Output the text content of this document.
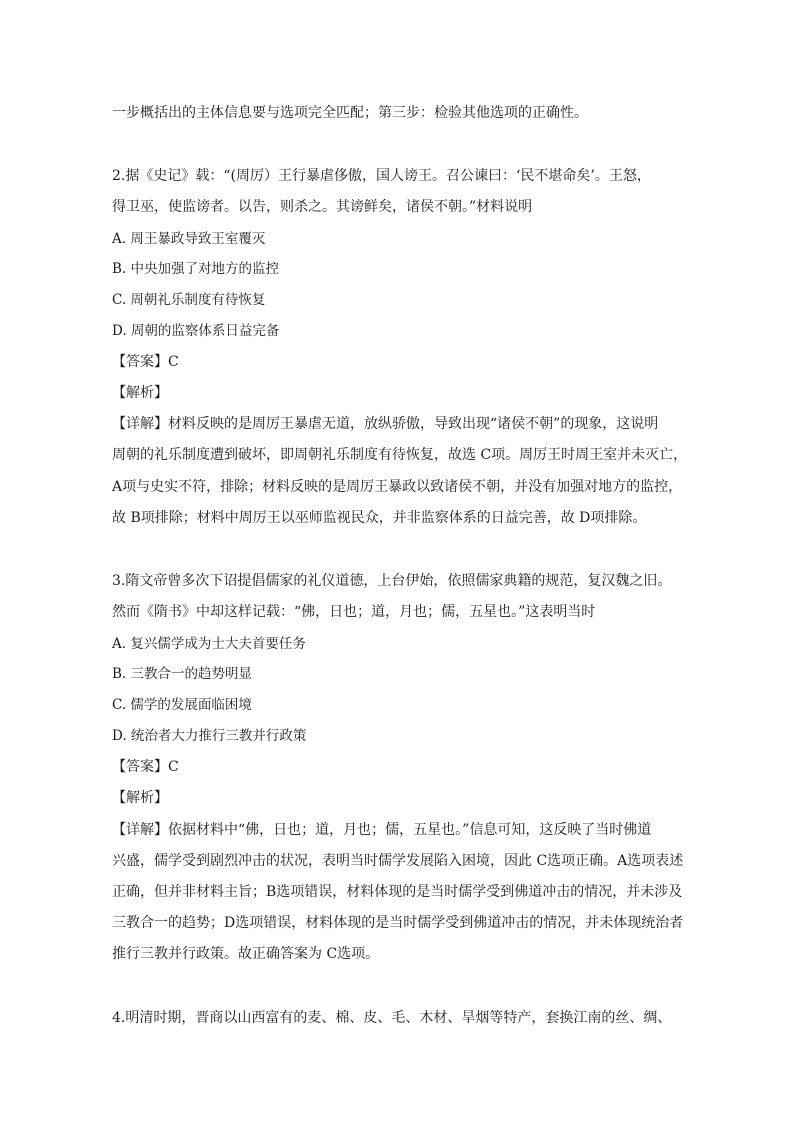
一步概括出的主体信息要与选项完全匹配；第三步：检验其他选项的正确性。
2.据《史记》载：“(周厉）王行暴虐侈傲，国人谤王。召公谏曰：‘民不堪命矣’。王怒，
得卫巫，使监谤者。以告，则杀之。其谤鲜矣，诸侯不朝。”材料说明
A. 周王暴政导致王室覆灭
B. 中央加强了对地方的监控
C. 周朝礼乐制度有待恢复
D. 周朝的监察体系日益完备
【答案】C
【解析】
【详解】材料反映的是周厉王暴虐无道，放纵骄傲，导致出现“诸侯不朝”的现象，这说明
周朝的礼乐制度遭到破坏，即周朝礼乐制度有待恢复，故选 C项。周厉王时周王室并未灭亡，
A项与史实不符，排除；材料反映的是周厉王暴政以致诸侯不朝，并没有加强对地方的监控，
故 B项排除；材料中周厉王以巫师监视民众，并非监察体系的日益完善，故 D项排除。
3.隋文帝曾多次下诏提倡儒家的礼仪道德，上台伊始，依照儒家典籍的规范，复汉魏之旧。
然而《隋书》中却这样记载：“佛，日也；道，月也；儒，五星也。”这表明当时
A. 复兴儒学成为士大夫首要任务
B. 三教合一的趋势明显
C. 儒学的发展面临困境
D. 统治者大力推行三教并行政策
【答案】C
【解析】
【详解】依据材料中“佛，日也；道，月也；儒，五星也。”信息可知，这反映了当时佛道
兴盛，儒学受到剧烈冲击的状况，表明当时儒学发展陷入困境，因此 C选项正确。A选项表述
正确，但并非材料主旨；B选项错误，材料体现的是当时儒学受到佛道冲击的情况，并未涉及
三教合一的趋势；D选项错误，材料体现的是当时儒学受到佛道冲击的情况，并未体现统治者
推行三教并行政策。故正确答案为 C选项。
4.明清时期，晋商以山西富有的麦、棉、皮、毛、木材、旱烟等特产，套换江南的丝、绸、
